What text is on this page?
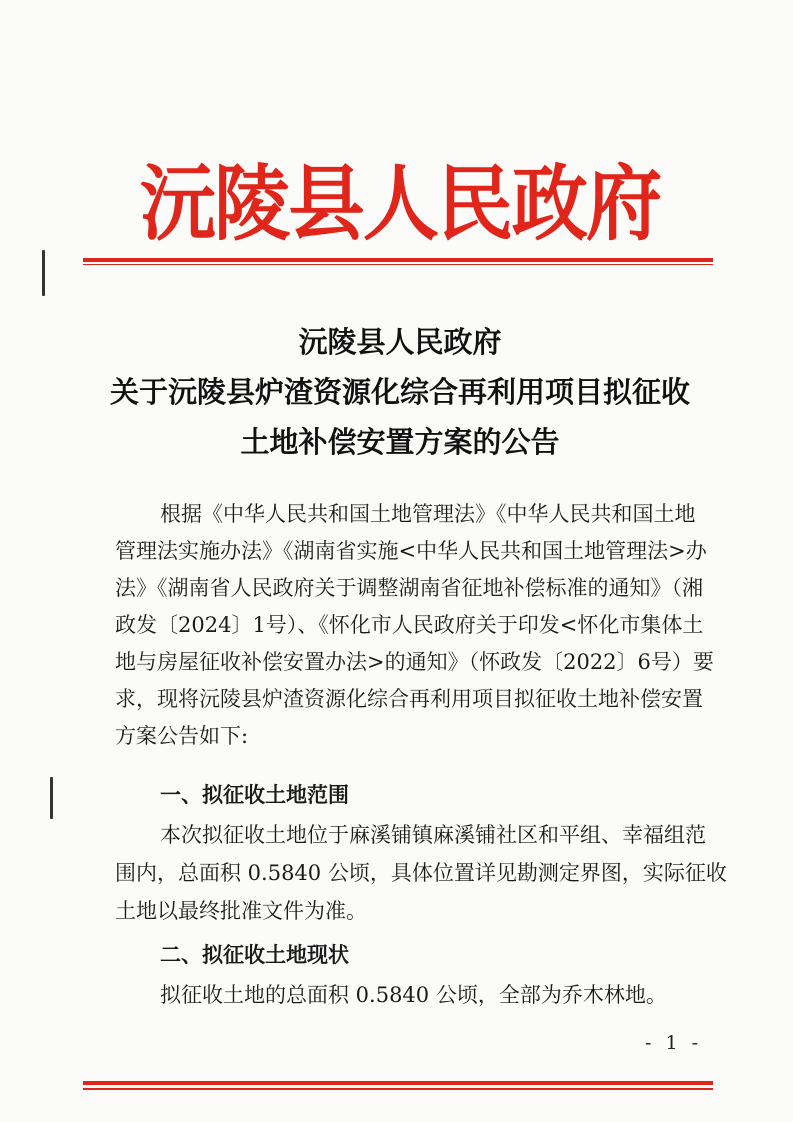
沅陵县人民政府
沅陵县人民政府
关于沅陵县炉渣资源化综合再利用项目拟征收
土地补偿安置方案的公告
根据《中华人民共和国土地管理法》《中华人民共和国土地
管理法实施办法》《湖南省实施<中华人民共和国土地管理法>办
法》《湖南省人民政府关于调整湖南省征地补偿标准的通知》（湘
政发〔2024〕1号）、《怀化市人民政府关于印发<怀化市集体土
地与房屋征收补偿安置办法>的通知》（怀政发〔2022〕6号）要
求，现将沅陵县炉渣资源化综合再利用项目拟征收土地补偿安置
方案公告如下:
一、拟征收土地范围
本次拟征收土地位于麻溪铺镇麻溪铺社区和平组、幸福组范
围内，总面积 0.5840 公顷，具体位置详见勘测定界图，实际征收
土地以最终批准文件为准。
二、拟征收土地现状
拟征收土地的总面积 0.5840 公顷，全部为乔木林地。
- 1 -
